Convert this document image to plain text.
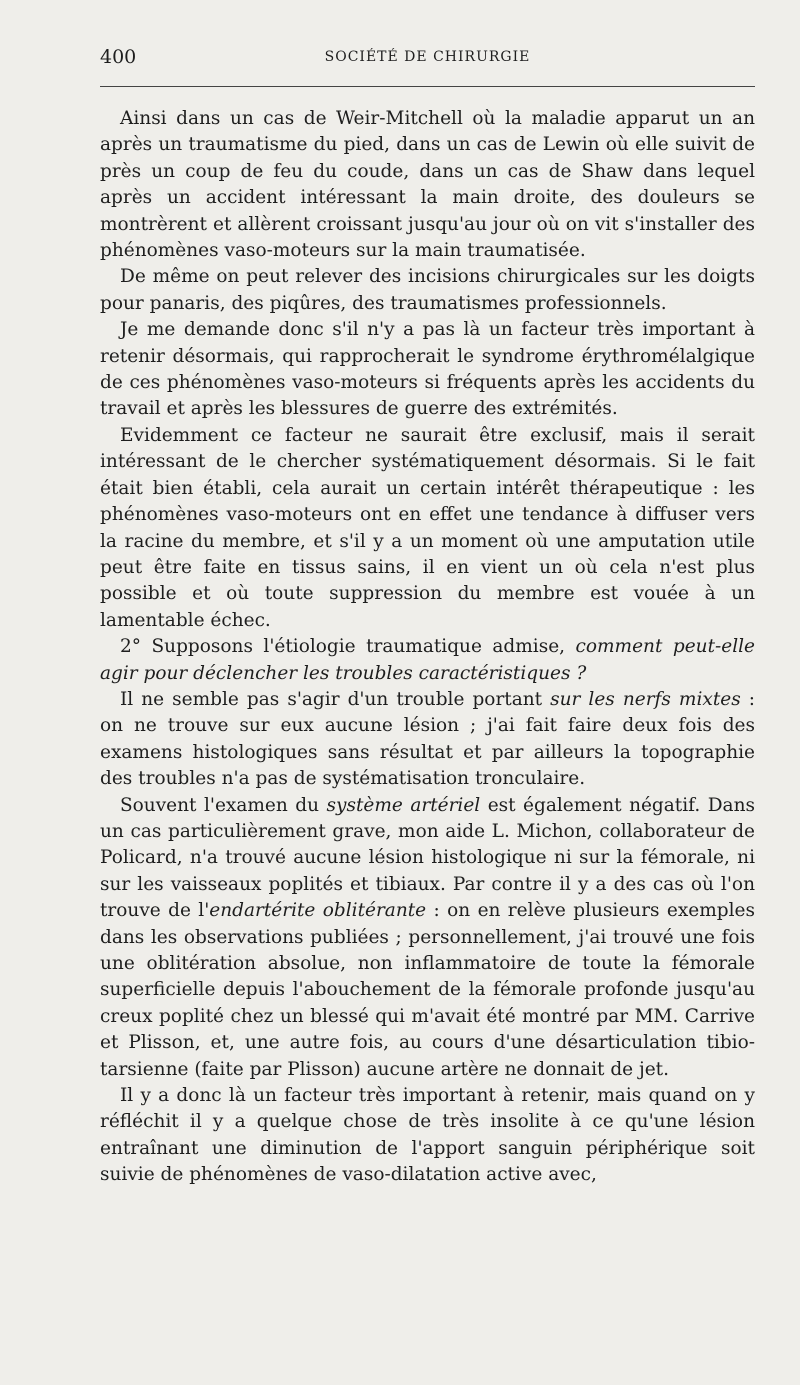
400	SOCIÉTÉ DE CHIRURGIE

Ainsi dans un cas de Weir-Mitchell où la maladie apparut un an après un traumatisme du pied, dans un cas de Lewin où elle suivit de près un coup de feu du coude, dans un cas de Shaw dans lequel après un accident intéressant la main droite, des douleurs se montrèrent et allèrent croissant jusqu'au jour où on vit s'installer des phénomènes vaso-moteurs sur la main traumatisée.

De même on peut relever des incisions chirurgicales sur les doigts pour panaris, des piqûres, des traumatismes professionnels.

Je me demande donc s'il n'y a pas là un facteur très important à retenir désormais, qui rapprocherait le syndrome érythromélalgique de ces phénomènes vaso-moteurs si fréquents après les accidents du travail et après les blessures de guerre des extrémités.

Evidemment ce facteur ne saurait être exclusif, mais il serait intéressant de le chercher systématiquement désormais. Si le fait était bien établi, cela aurait un certain intérêt thérapeutique : les phénomènes vaso-moteurs ont en effet une tendance à diffuser vers la racine du membre, et s'il y a un moment où une amputation utile peut être faite en tissus sains, il en vient un où cela n'est plus possible et où toute suppression du membre est vouée à un lamentable échec.

2° Supposons l'étiologie traumatique admise, comment peut-elle agir pour déclencher les troubles caractéristiques ?

Il ne semble pas s'agir d'un trouble portant sur les nerfs mixtes : on ne trouve sur eux aucune lésion ; j'ai fait faire deux fois des examens histologiques sans résultat et par ailleurs la topographie des troubles n'a pas de systématisation tronculaire.

Souvent l'examen du système artériel est également négatif. Dans un cas particulièrement grave, mon aide L. Michon, collaborateur de Policard, n'a trouvé aucune lésion histologique ni sur la fémorale, ni sur les vaisseaux poplités et tibiaux. Par contre il y a des cas où l'on trouve de l'endartérite oblitérante : on en relève plusieurs exemples dans les observations publiées ; personnellement, j'ai trouvé une fois une oblitération absolue, non inflammatoire de toute la fémorale superficielle depuis l'abouchement de la fémorale profonde jusqu'au creux poplité chez un blessé qui m'avait été montré par MM. Carrive et Plisson, et, une autre fois, au cours d'une désarticulation tibio-tarsienne (faite par Plisson) aucune artère ne donnait de jet.

Il y a donc là un facteur très important à retenir, mais quand on y réfléchit il y a quelque chose de très insolite à ce qu'une lésion entraînant une diminution de l'apport sanguin périphérique soit suivie de phénomènes de vaso-dilatation active avec,
